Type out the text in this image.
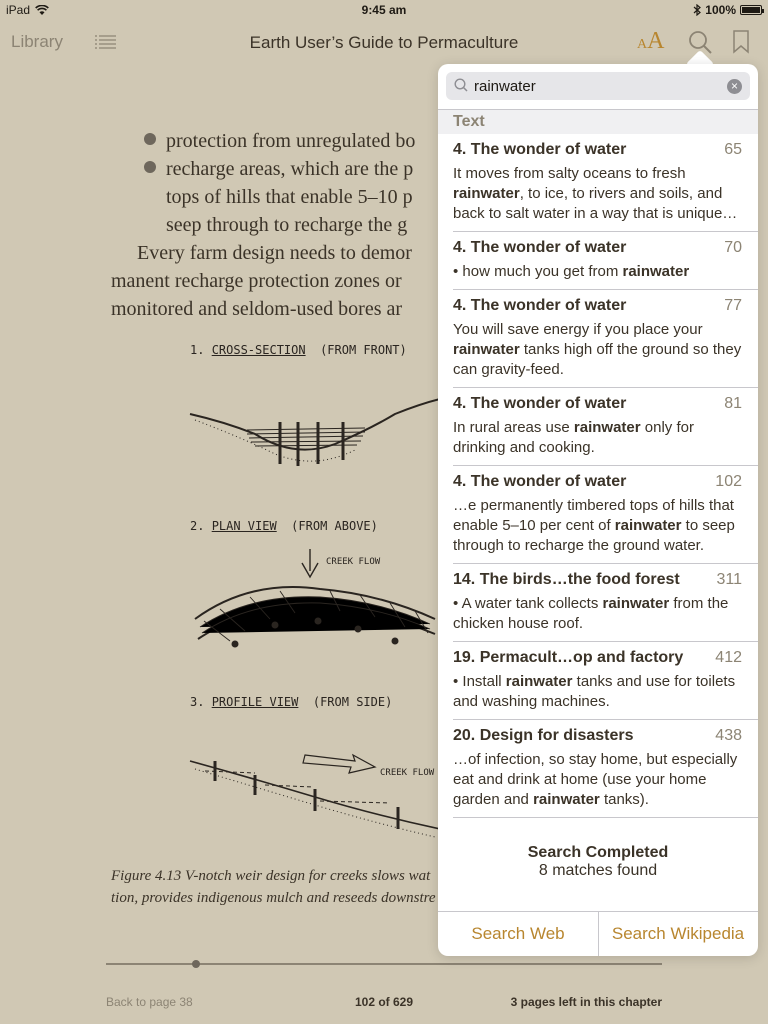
iPad	9:45 am	100%
Library	Earth User’s Guide to Permaculture	AA
protection from unregulated bo
recharge areas, which are the p
tops of hills that enable 5–10 p
seep through to recharge the g
Every farm design needs to demor
manent recharge protection zones or
monitored and seldom-used bores ar
1. CROSS-SECTION (FROM FRONT)
2. PLAN VIEW (FROM ABOVE)
CREEK FLOW
3. PROFILE VIEW (FROM SIDE)
CREEK FLOW
Figure 4.13 V-notch weir design for creeks slows wat
tion, provides indigenous mulch and reseeds downstre
Back to page 38	102 of 629	3 pages left in this chapter
rainwater
×
Text
4. The wonder of water	65
It moves from salty oceans to fresh rainwater, to ice, to rivers and soils, and back to salt water in a way that is unique…
4. The wonder of water	70
• how much you get from rainwater
4. The wonder of water	77
You will save energy if you place your rainwater tanks high off the ground so they can gravity-feed.
4. The wonder of water	81
In rural areas use rainwater only for drinking and cooking.
4. The wonder of water	102
…e permanently timbered tops of hills that enable 5–10 per cent of rainwater to seep through to recharge the ground water.
14. The birds…the food forest 311
• A water tank collects rainwater from the chicken house roof.
19. Permacult…op and factory 412
• Install rainwater tanks and use for toilets and washing machines.
20. Design for disasters	438
…of infection, so stay home, but especially eat and drink at home (use your home garden and rainwater tanks).
Search Completed
8 matches found
Search Web	Search Wikipedia
